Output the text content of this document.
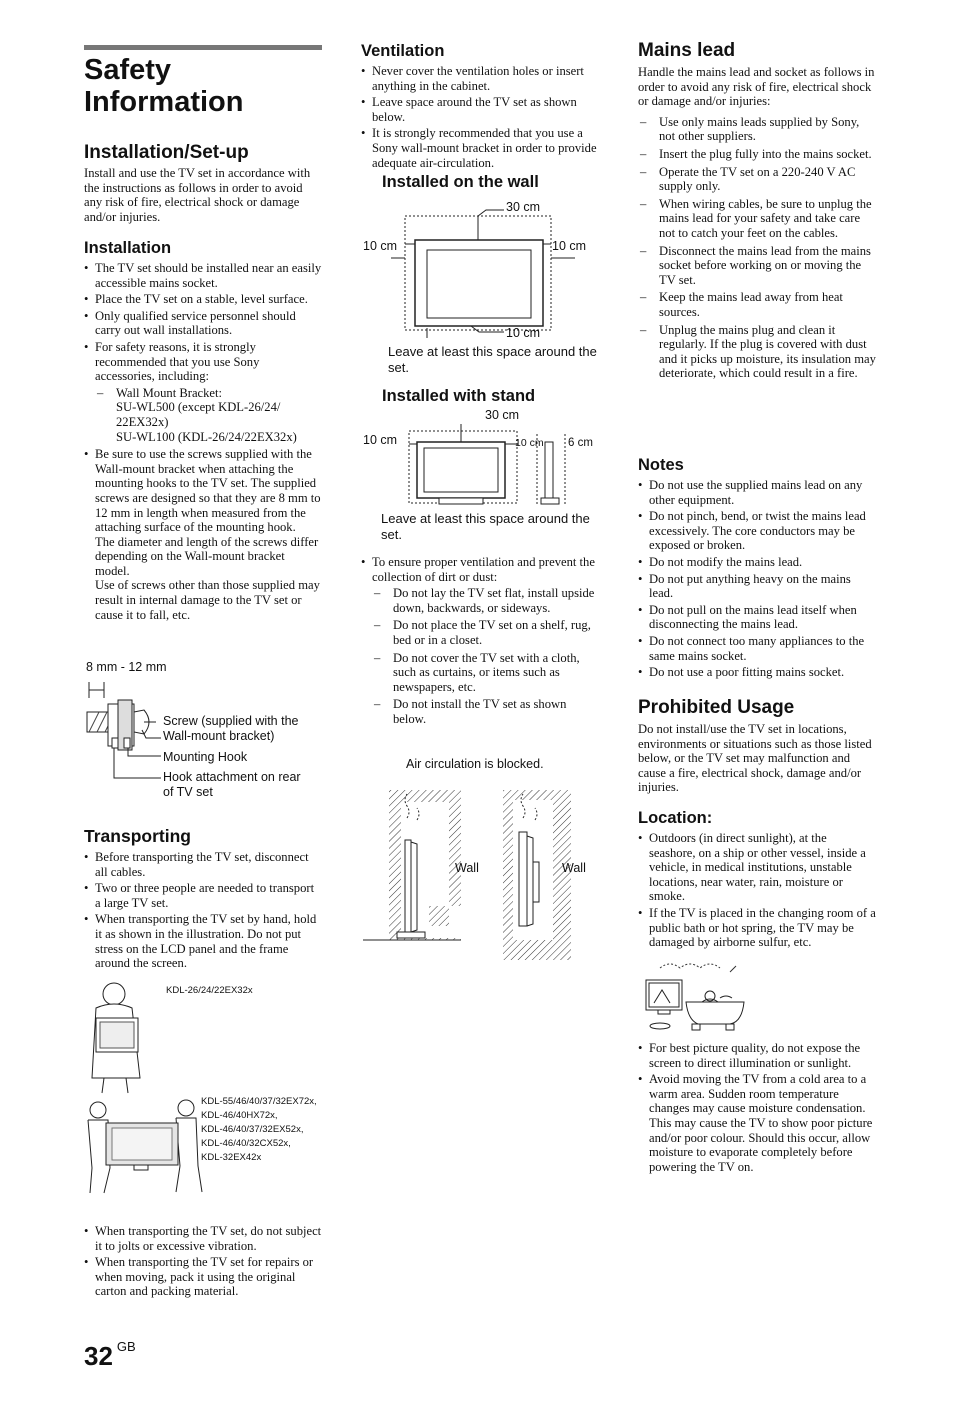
Safety
Information
Installation/Set-up

Install and use the TV set in accordance with the instructions as follows in order to avoid any risk of fire, electrical shock or damage and/or injuries.

Installation
• The TV set should be installed near an easily accessible mains socket.
• Place the TV set on a stable, level surface.
• Only qualified service personnel should carry out wall installations.
• For safety reasons, it is strongly recommended that you use Sony accessories, including:
– Wall Mount Bracket:
SU-WL500 (except KDL-26/24/ 22EX32x)
SU-WL100 (KDL-26/24/22EX32x)
• Be sure to use the screws supplied with the Wall-mount bracket when attaching the mounting hooks to the TV set. The supplied screws are designed so that they are 8 mm to 12 mm in length when measured from the attaching surface of the mounting hook.
The diameter and length of the screws differ depending on the Wall-mount bracket model.
Use of screws other than those supplied may result in internal damage to the TV set or cause it to fall, etc.
8 mm - 12 mm
Screw (supplied with the
Wall-mount bracket)
Mounting Hook
Hook attachment on rear
of TV set
Transporting
• Before transporting the TV set, disconnect all cables.
• Two or three people are needed to transport a large TV set.
• When transporting the TV set by hand, hold it as shown in the illustration. Do not put stress on the LCD panel and the frame around the screen.
KDL-26/24/22EX32x
KDL-55/46/40/37/32EX72x,
KDL-46/40HX72x,
KDL-46/40/37/32EX52x,
KDL-46/40/32CX52x,
KDL-32EX42x
• When transporting the TV set, do not subject it to jolts or excessive vibration.
• When transporting the TV set for repairs or when moving, pack it using the original carton and packing material.
Ventilation
• Never cover the ventilation holes or insert anything in the cabinet.
• Leave space around the TV set as shown below.
• It is strongly recommended that you use a Sony wall-mount bracket in order to provide adequate air-circulation.
Installed on the wall
30 cm
10 cm	10 cm
10 cm
Leave at least this space around the set.
Installed with stand
30 cm
10 cm	10 cm 6 cm
Leave at least this space around the set.
• To ensure proper ventilation and prevent the collection of dirt or dust:
– Do not lay the TV set flat, install upside down, backwards, or sideways.
– Do not place the TV set on a shelf, rug, bed or in a closet.
– Do not cover the TV set with a cloth, such as curtains, or items such as newspapers, etc.
– Do not install the TV set as shown below.
Air circulation is blocked.
Wall	Wall
Mains lead

Handle the mains lead and socket as follows in order to avoid any risk of fire, electrical shock or damage and/or injuries:

– Use only mains leads supplied by Sony, not other suppliers.
– Insert the plug fully into the mains socket.
– Operate the TV set on a 220-240 V AC supply only.
– When wiring cables, be sure to unplug the mains lead for your safety and take care not to catch your feet on the cables.
– Disconnect the mains lead from the mains socket before working on or moving the TV set.
– Keep the mains lead away from heat sources.
– Unplug the mains plug and clean it regularly. If the plug is covered with dust and it picks up moisture, its insulation may deteriorate, which could result in a fire.
Notes
• Do not use the supplied mains lead on any other equipment.
• Do not pinch, bend, or twist the mains lead excessively. The core conductors may be exposed or broken.
• Do not modify the mains lead.
• Do not put anything heavy on the mains lead.
• Do not pull on the mains lead itself when disconnecting the mains lead.
• Do not connect too many appliances to the same mains socket.
• Do not use a poor fitting mains socket.
Prohibited Usage

Do not install/use the TV set in locations, environments or situations such as those listed below, or the TV set may malfunction and cause a fire, electrical shock, damage and/or injuries.

Location:
• Outdoors (in direct sunlight), at the seashore, on a ship or other vessel, inside a vehicle, in medical institutions, unstable locations, near water, rain, moisture or smoke.
• If the TV is placed in the changing room of a public bath or hot spring, the TV may be damaged by airborne sulfur, etc.
• For best picture quality, do not expose the screen to direct illumination or sunlight.
• Avoid moving the TV from a cold area to a warm area. Sudden room temperature changes may cause moisture condensation. This may cause the TV to show poor picture and/or poor colour. Should this occur, allow moisture to evaporate completely before powering the TV on.
32 $^{GB}$
